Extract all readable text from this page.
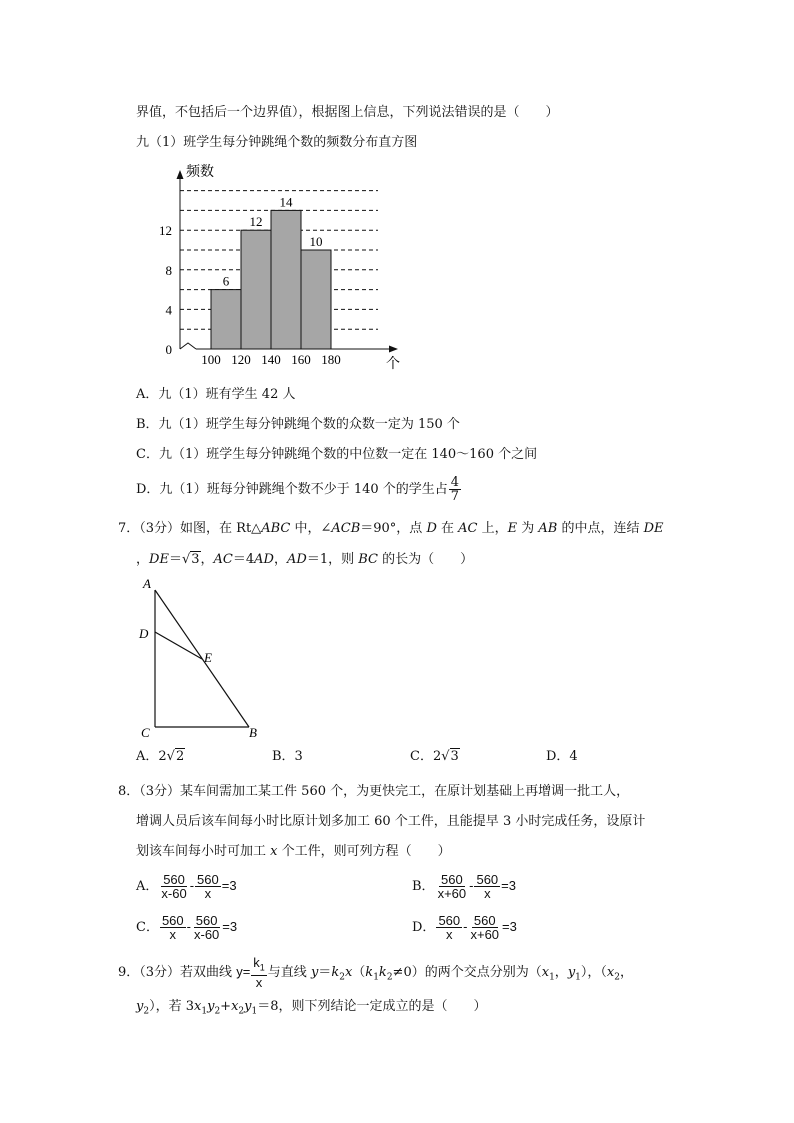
界值，不包括后一个边界值），根据图上信息，下列说法错误的是（　　）
九（1）班学生每分钟跳绳个数的频数分布直方图
6
12
14
10
100 120 140 160 180
0
4
8
12
频数
个
A．九（1）班有学生 42 人
B．九（1）班学生每分钟跳绳个数的众数一定为 150 个
C．九（1）班学生每分钟跳绳个数的中位数一定在 140～160 个之间
D．九（1）班每分钟跳绳个数不少于 140 个的学生占 $\frac{4}{7}$
7．（3分）如图，在 Rt△ABC 中，∠ACB＝90°，点 D 在 AC 上，E 为 AB 的中点，连结 DE
，DE＝√3，AC＝4AD，AD＝1，则 BC 的长为（　　）
A
D
E
C	B
A．2√2	B．3	C．2√3	D．4
8．（3分）某车间需加工某工件 560 个，为更快完工，在原计划基础上再增调一批工人，
增调人员后该车间每小时比原计划多加工 60 个工件，且能提早 3 小时完成任务，设原计
划该车间每小时可加工 x 个工件，则可列方程（　　）
A． $\frac{560}{x-60} - \frac{560}{x} =3$	B． $\frac{560}{x+60} - \frac{560}{x} =3$
C． $\frac{560}{x} - \frac{560}{x-60} =3$	D． $\frac{560}{x} - \frac{560}{x+60} =3$
9．（3分）若双曲线 $y= \frac{k_1}{x}$ 与直线 $y=k_2x(k_1k_2\ne 0)$的两个交点分别为（$x_1$，$y_1$），（$x_2$，
$y_2$），若 $3x_1y_2+x_2y_1=8$，则下列结论一定成立的是（　　）
